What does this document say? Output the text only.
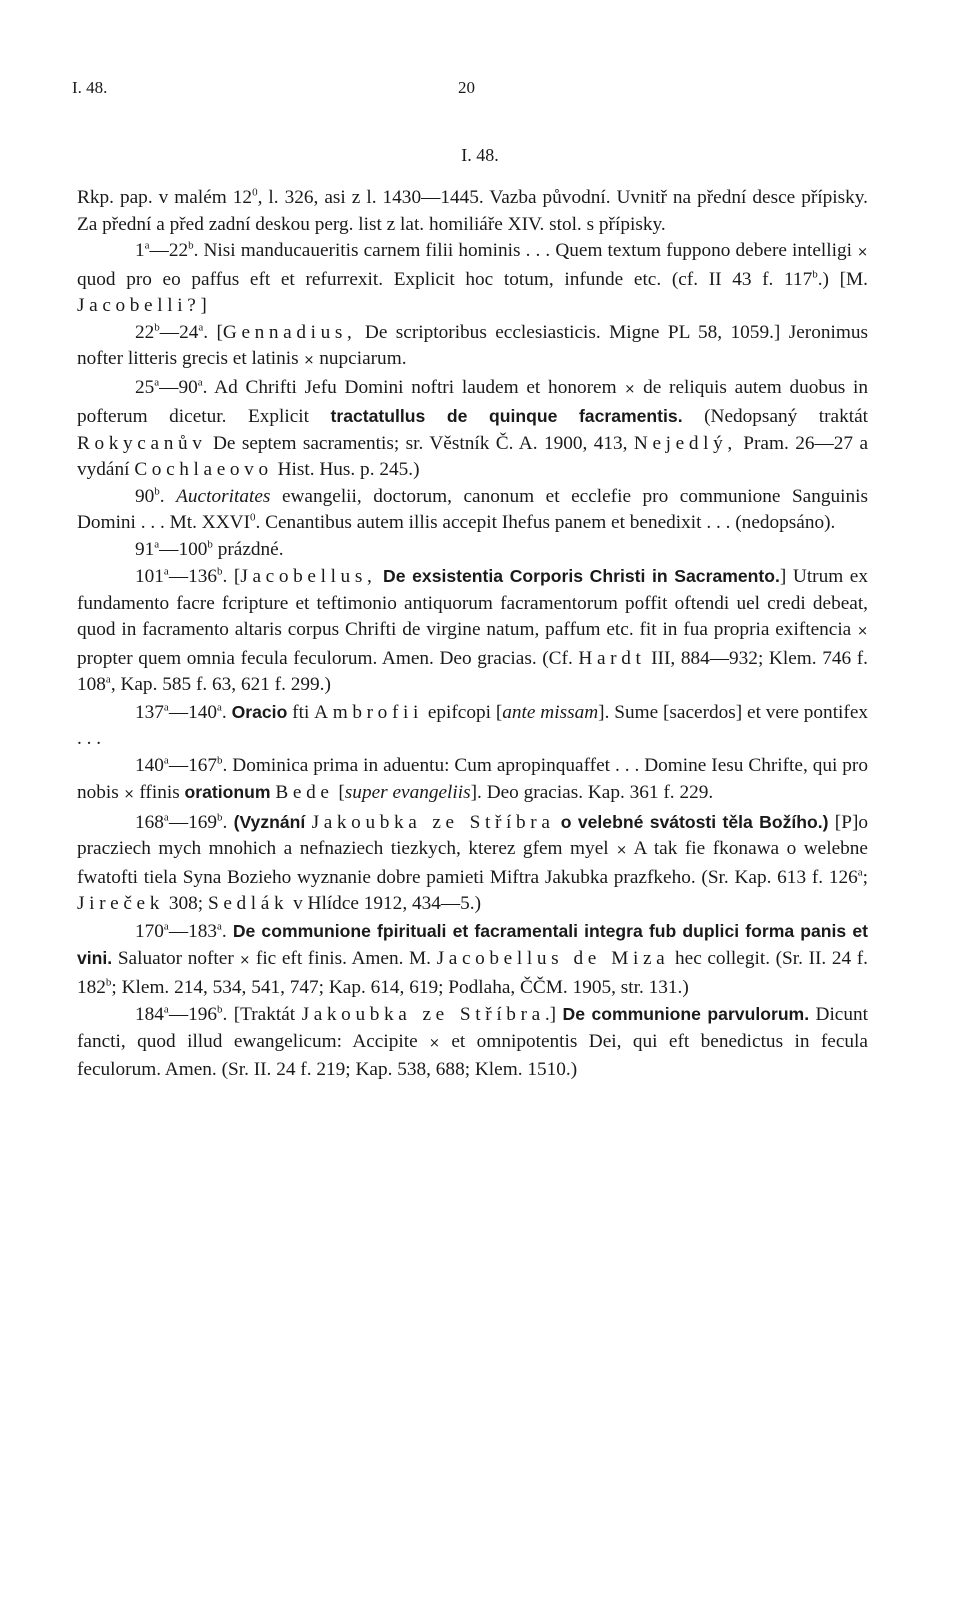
I. 48.	20
I. 48.

Rkp. pap. v malém $12^0$, l. 326, asi z l. 1430—1445. Vazba původní. Uvnitř na přední desce přípisky. Za přední a před zadní deskou perg. list z lat. homiliáře XIV. stol. s přípisky.

1$^a$—22$^b$. Nisi manducaueritis carnem filii hominis . . . Quem textum fuppono debere intelligi × quod pro eo paffus eft et refurrexit. Explicit hoc totum, infunde etc. (cf. II 43 f. 117$^b$.) [M. Jacobelli?]

22$^b$—24$^a$. [Gennadius, De scriptoribus ecclesiasticis. Migne PL 58, 1059.] Jeronimus nofter litteris grecis et latinis × nupciarum.

25$^a$—90$^a$. Ad Chrifti Jefu Domini noftri laudem et honorem × de reliquis autem duobus in pofterum dicetur. Explicit tractatullus de quinque facramentis. (Nedopsaný traktát Rokycanův De septem sacramentis; sr. Věstník Č. A. 1900, 413, Nejedlý, Pram. 26—27 a vydání Cochlaeovo Hist. Hus. p. 245.)

90$^b$. Auctoritates ewangelii, doctorum, canonum et ecclefie pro communione Sanguinis Domini . . . Mt. XXVI$^0$. Cenantibus autem illis accepit Ihefus panem et benedixit . . . (nedopsáno).

91$^a$—100$^b$ prázdné.

101$^a$—136$^b$. [Jacobellus, De exsistentia Corporis Christi in Sacramento.] Utrum ex fundamento facre fcripture et teftimonio antiquorum facramentorum poffit oftendi uel credi debeat, quod in facramento altaris corpus Chrifti de virgine natum, paffum etc. fit in fua propria exiftencia × propter quem omnia fecula feculorum. Amen. Deo gracias. (Cf. Hardt III, 884—932; Klem. 746 f. 108$^a$, Kap. 585 f. 63, 621 f. 299.)

137$^a$—140$^a$. Oracio fti Ambrofii epifcopi [ante missam]. Sume [sacerdos] et vere pontifex . . .

140$^a$—167$^b$. Dominica prima in aduentu: Cum apropinquaffet . . . Domine Iesu Chrifte, qui pro nobis × ffinis orationum Bede [super evangeliis]. Deo gracias. Kap. 361 f. 229.

168$^a$—169$^b$. (Vyznání Jakoubka ze Stříbra o velebné svátosti těla Božího.) [P]o pracziech mych mnohich a nefnaziech tiezkych, kterez gfem myel × A tak fie fkonawa o welebne fwatofti tiela Syna Bozieho wyznanie dobre pamieti Miftra Jakubka prazfkeho. (Sr. Kap. 613 f. 126$^a$; Jireček 308; Sedlák v Hlídce 1912, 434—5.)

170$^a$—183$^a$. De communione fpirituali et facramentali integra fub duplici forma panis et vini. Saluator nofter × fic eft finis. Amen. M. Jacobellus de Miza hec collegit. (Sr. II. 24 f. 182$^b$; Klem. 214, 534, 541, 747; Kap. 614, 619; Podlaha, ČČM. 1905, str. 131.)

184$^a$—196$^b$. [Traktát Jakoubka ze Stříbra.] De communione parvulorum. Dicunt fancti, quod illud ewangelicum: Accipite × et omnipotentis Dei, qui eft benedictus in fecula feculorum. Amen. (Sr. II. 24 f. 219; Kap. 538, 688; Klem. 1510.)
